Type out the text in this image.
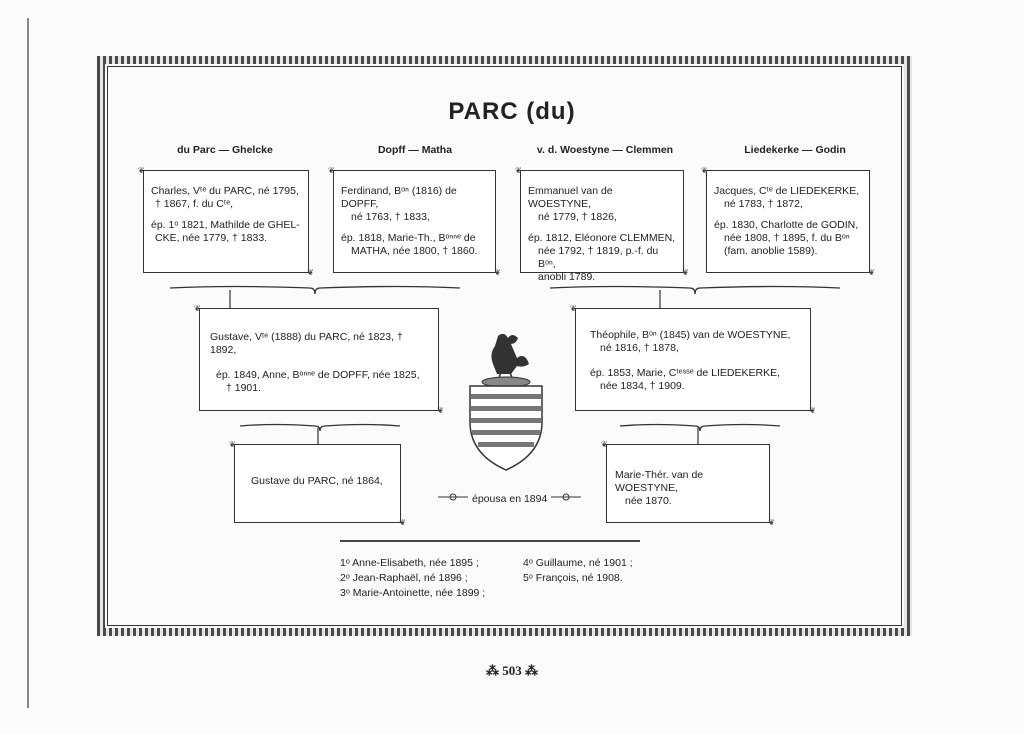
PARC (du)
du Parc — Ghelcke	Dopff — Matha	v. d. Woestyne — Clemmen	Liedekerke — Godin

❦ Charles, Vᵗᵉ du PARC, né 1795,

† 1867, f. du Cᵗᵉ,

ép. 1ᵒ 1821, Mathilde de GHEL-

CKE, née 1779, † 1833.

❦

❦ Ferdinand, Bᵒⁿ (1816) de DOPFF,

né 1763, † 1833,

ép. 1818, Marie-Th., Bᵒⁿⁿᵉ de

MATHA, née 1800, † 1860.

❦

❦ Emmanuel van de WOESTYNE,

né 1779, † 1826,

ép. 1812, Eléonore CLEMMEN,

née 1792, † 1819, p.-f. du Bᵒⁿ,

anobli 1789.

❦

❦ Jacques, Cᵗᵉ de LIEDEKERKE,

né 1783, † 1872,

ép. 1830, Charlotte de GODIN,

née 1808, † 1895, f. du Bᵒⁿ

(fam. anoblie 1589).

❦

❦ Gustave, Vᵗᵉ (1888) du PARC, né 1823, † 1892,

ép. 1849, Anne, Bᵒⁿⁿᵉ de DOPFF, née 1825,

† 1901.

❦

❦ Théophile, Bᵒⁿ (1845) van de WOESTYNE,

né 1816, † 1878,

ép. 1853, Marie, Cᵗᵉˢˢᵉ de LIEDEKERKE,

née 1834, † 1909.

❦

❦ Gustave du PARC, né 1864,

❦

❦	Marie-Thér. van de WOESTYNE,

née 1870.

❦
épousa en 1894
1ᵒ Anne-Elisabeth, née 1895 ;
2ᵒ Jean-Raphaël, né 1896 ;
3ᵒ Marie-Antoinette, née 1899 ;
4ᵒ Guillaume, né 1901 ;
5ᵒ François, né 1908.
⁂ 503 ⁂
